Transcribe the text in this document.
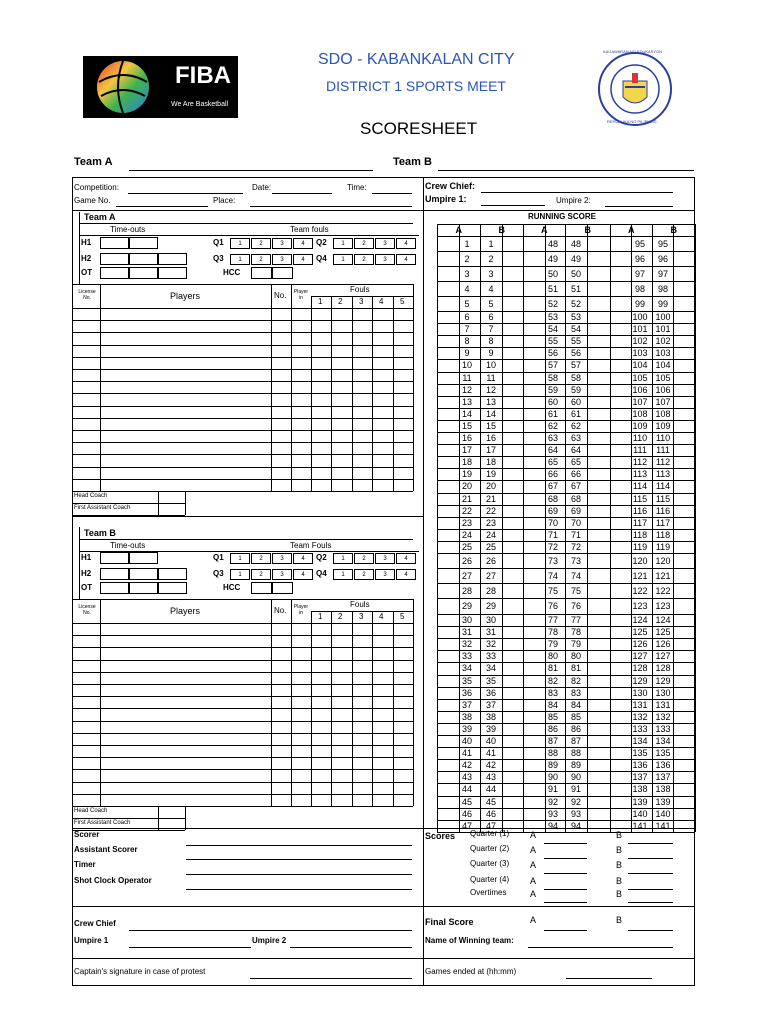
FIBA
We Are Basketball
SDO - KABANKALAN CITY
DISTRICT 1 SPORTS MEET
SCORESHEET
KAGAWARAN NG EDUKASYON
REPUBLIKA NG PILIPINAS
Team A	Team B
Competition:	Date:	Time:
Game No.	Place:
Crew Chief:
Umpire 1:	Umpire 2:
Team A
Time-outs	Team fouls
H1
H2
OT
Q1	1	2	3	4	Q2	1	2	3	4
Q3	1	2	3	4	Q4	1	2	3	4
HCC
License No.	Players	No.	Player in
Fouls
1 2 3 4 5
Head Coach
First Assistant Coach
Team B
Time-outs	Team Fouls
H1
H2
OT
Q1	1	2	3	4	Q2	1	2	3	4
Q3	1	2	3	4	Q4	1	2	3	4
HCC
License No.	Players	No.	Player in
Fouls
1 2 3 4 5
Head Coach
First Assistant Coach
RUNNING SCORE
A	B	A	B	A	B
1	1	48	48	95	95
2	2	49	49	96	96
3	3	50	50	97	97
4	4	51	51	98	98
5	5	52	52	99	99
6	6	53	53	100 100
7	7	54	54	101 101
8	8	55	55	102 102
9	9	56	56	103 103
10	10	57	57	104 104
11	11	58	58	105 105
12	12	59	59	106 106
13	13	60	60	107 107
14	14	61	61	108 108
15	15	62	62	109 109
16	16	63	63	110 110
17	17	64	64	111	111
18	18	65	65	112 112
19	19	66	66	113 113
20	20	67	67	114 114
21	21	68	68	115 115
22	22	69	69	116 116
23	23	70	70	117 117
24	24	71	71	118 118
25	25	72	72	119 119
26	26	73	73	120 120
27	27	74	74	121 121
28	28	75	75	122 122
29	29	76	76	123 123
30	30	77	77	124 124
31	31	78	78	125 125
32	32	79	79	126 126
33	33	80	80	127 127
34	34	81	81	128 128
35	35	82	82	129 129
36	36	83	83	130 130
37	37	84	84	131 131
38	38	85	85	132 132
39	39	86	86	133 133
40	40	87	87	134 134
41	41	88	88	135 135
42	42	89	89	136 136
43	43	90	90	137 137
44	44	91	91	138 138
45	45	92	92	139 139
46	46	93	93	140 140
47	47	94	94	141 141
Scorer
Assistant Scorer
Timer
Shot Clock Operator
Crew Chief
Umpire 1	Umpire 2
Captain's signature in case of protest
Scores Quarter (1) A	B
Quarter (2) A	B
Quarter (3) A	B
Quarter (4) A	B
Overtimes	A	B
Final Score	A	B
Name of Winning team:
Games ended at (hh:mm)
